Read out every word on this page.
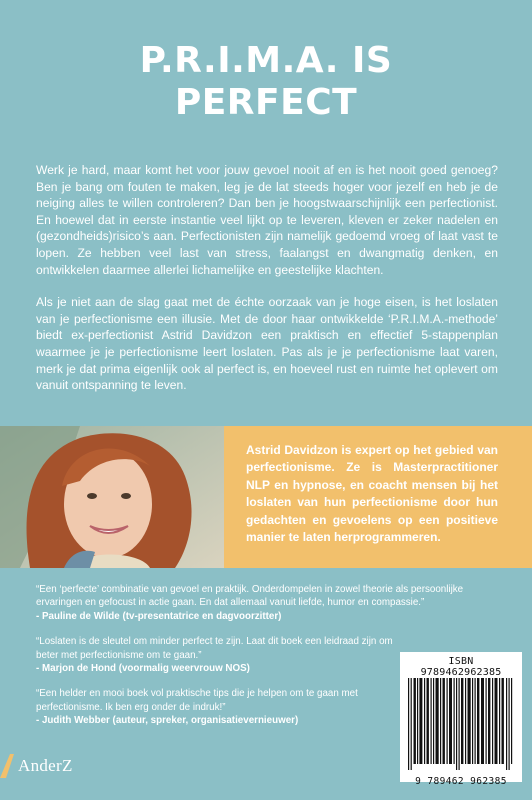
P.R.I.M.A. IS
PERFECT

Werk je hard, maar komt het voor jouw gevoel nooit af en is het nooit goed genoeg? Ben je bang om fouten te maken, leg je de lat steeds hoger voor jezelf en heb je de neiging alles te willen controleren? Dan ben je hoogstwaarschijnlijk een perfectionist. En hoewel dat in eerste instantie veel lijkt op te leveren, kleven er zeker nadelen en (gezondheids)risico’s aan. Perfectionisten zijn namelijk gedoemd vroeg of laat vast te lopen. Ze hebben veel last van stress, faalangst en dwangmatig denken, en ontwikkelen daarmee allerlei lichamelijke en geestelijke klachten.

Als je niet aan de slag gaat met de échte oorzaak van je hoge eisen, is het loslaten van je perfectionisme een illusie. Met de door haar ontwikkelde ‘P.R.I.M.A.-methode’ biedt ex-perfectionist Astrid Davidzon een praktisch en effectief 5-stappenplan waarmee je je perfectionisme leert loslaten. Pas als je je perfectionisme laat varen, merk je dat prima eigenlijk ook al perfect is, en hoeveel rust en ruimte het oplevert om vanuit ontspanning te leven.

Astrid Davidzon is expert op het gebied van perfectionisme. Ze is Masterpractitioner NLP en hypnose, en coacht mensen bij het loslaten van hun perfectionisme door hun gedachten en gevoelens op een positieve manier te laten herprogrammeren.

“Een ‘perfecte’ combinatie van gevoel en praktijk. Onderdompelen in zowel theorie als persoonlijke ervaringen en gefocust in actie gaan. En dat allemaal vanuit liefde, humor en compassie.”
- Pauline de Wilde (tv-presentatrice en dagvoorzitter)
“Loslaten is de sleutel om minder perfect te zijn. Laat dit boek een leidraad zijn om beter met perfectionisme om te gaan.”
- Marjon de Hond (voormalig weervrouw NOS)
“Een helder en mooi boek vol praktische tips die je helpen om te gaan met perfectionisme. Ik ben erg onder de indruk!”
- Judith Webber (auteur, spreker, organisatievernieuwer)
ISBN 9789462962385
9 789462 962385
AnderZ
